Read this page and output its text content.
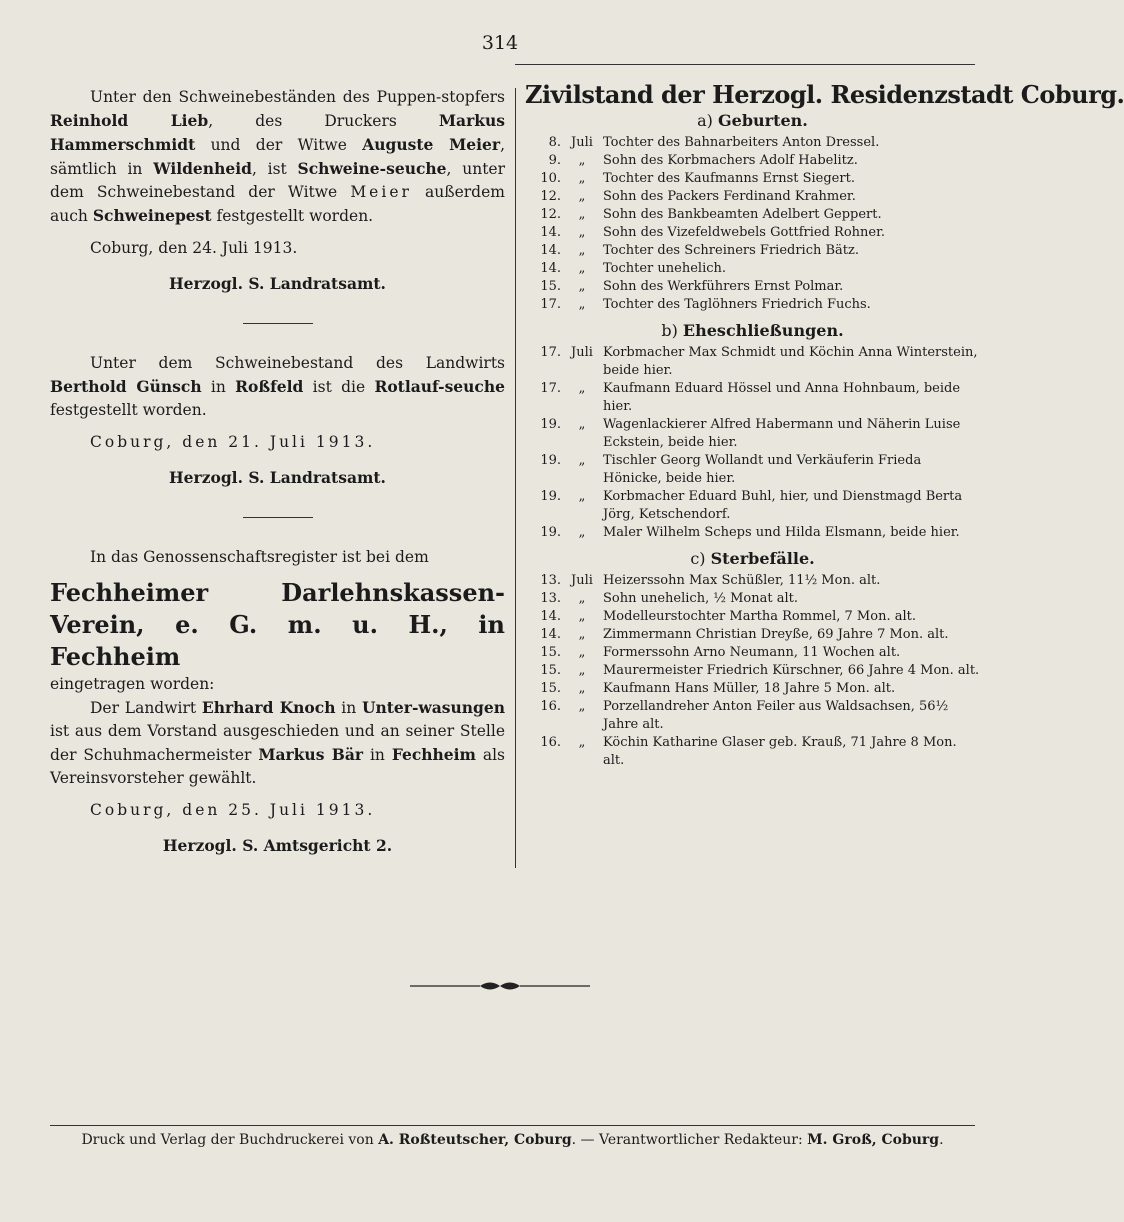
314

Unter den Schweinebeständen des Puppen-stopfers Reinhold Lieb, des Druckers Markus Hammerschmidt und der Witwe Auguste Meier, sämtlich in Wildenheid, ist Schweine-seuche, unter dem Schweinebestand der Witwe Meier außerdem auch Schweinepest festgestellt worden.

Coburg, den 24. Juli 1913.

Herzogl. S. Landratsamt.

Unter dem Schweinebestand des Landwirts Berthold Günsch in Roßfeld ist die Rotlauf-seuche festgestellt worden.

Coburg, den 21. Juli 1913.

Herzogl. S. Landratsamt.

In das Genossenschaftsregister ist bei dem

Fechheimer Darlehnskassen-Verein, e. G. m. u. H., in Fechheim

eingetragen worden:

Der Landwirt Ehrhard Knoch in Unter-wasungen ist aus dem Vorstand ausgeschieden und an seiner Stelle der Schuhmachermeister Markus Bär in Fechheim als Vereinsvorsteher gewählt.

Coburg, den 25. Juli 1913.

Herzogl. S. Amtsgericht 2.

Zivilstand der Herzogl. Residenzstadt Coburg.
a) Geburten.
8. Juli Tochter des Bahnarbeiters Anton Dressel.
9.	„	Sohn des Korbmachers Adolf Habelitz.
10.	„	Tochter des Kaufmanns Ernst Siegert.
12.	„	Sohn des Packers Ferdinand Krahmer.
12.	„	Sohn des Bankbeamten Adelbert Geppert.
14.	„	Sohn des Vizefeldwebels Gottfried Rohner.
14.	„	Tochter des Schreiners Friedrich Bätz.
14.	„	Tochter unehelich.
15.	„	Sohn des Werkführers Ernst Polmar.
17.	„	Tochter des Taglöhners Friedrich Fuchs.
b) Eheschließungen.
17. Juli Korbmacher Max Schmidt und Köchin Anna Winterstein, beide hier.
17.	„	Kaufmann Eduard Hössel und Anna Hohnbaum, beide hier.
19.	„	Wagenlackierer Alfred Habermann und Näherin Luise Eckstein, beide hier.
19.	„	Tischler Georg Wollandt und Verkäuferin Frieda Hönicke, beide hier.
19.	„	Korbmacher Eduard Buhl, hier, und Dienstmagd Berta Jörg, Ketschendorf.
19.	„	Maler Wilhelm Scheps und Hilda Elsmann, beide hier.
c) Sterbefälle.
13. Juli Heizerssohn Max Schüßler, 11½ Mon. alt.
13.	„	Sohn unehelich, ½ Monat alt.
14.	„	Modelleurstochter Martha Rommel, 7 Mon. alt.
14.	„	Zimmermann Christian Dreyße, 69 Jahre 7 Mon. alt.
15.	„	Formerssohn Arno Neumann, 11 Wochen alt.
15.	„	Maurermeister Friedrich Kürschner, 66 Jahre 4 Mon. alt.
15.	„	Kaufmann Hans Müller, 18 Jahre 5 Mon. alt.
16.	„	Porzellandreher Anton Feiler aus Waldsachsen, 56½ Jahre alt.
16.	„	Köchin Katharine Glaser geb. Krauß, 71 Jahre 8 Mon. alt.
Druck und Verlag der Buchdruckerei von A. Roßteutscher, Coburg. — Verantwortlicher Redakteur: M. Groß, Coburg.
